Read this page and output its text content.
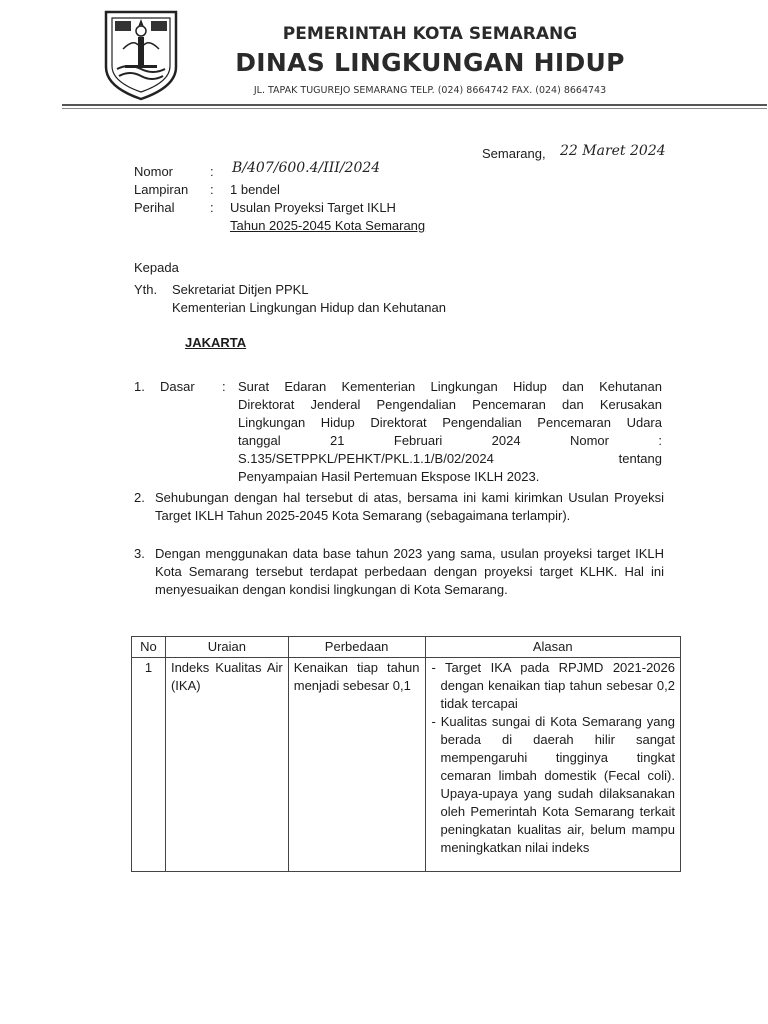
PEMERINTAH KOTA SEMARANG
DINAS LINGKUNGAN HIDUP
JL. TAPAK TUGUREJO SEMARANG TELP. (024) 8664742 FAX. (024) 8664743
Semarang, 22 Maret 2024
Nomor	:	B/407/600.4/III/2024
Lampiran	:	1 bendel
Perihal	:	Usulan Proyeksi Target IKLH
Tahun 2025-2045 Kota Semarang
Kepada
Yth. Sekretariat Ditjen PPKL
Kementerian Lingkungan Hidup dan Kehutanan
JAKARTA
1. Dasar : Surat Edaran Kementerian Lingkungan Hidup dan Kehutanan
Direktorat Jenderal Pengendalian Pencemaran dan Kerusakan
Lingkungan Hidup Direktorat Pengendalian Pencemaran Udara
tanggal 21 Februari 2024 Nomor :
S.135/SETPPKL/PEHKT/PKL.1.1/B/02/2024 tentang
Penyampaian Hasil Pertemuan Ekspose IKLH 2023.
2. Sehubungan dengan hal tersebut di atas, bersama ini kami kirimkan Usulan Proyeksi Target IKLH Tahun 2025-2045 Kota Semarang (sebagaimana terlampir).
3. Dengan menggunakan data base tahun 2023 yang sama, usulan proyeksi target IKLH Kota Semarang tersebut terdapat perbedaan dengan proyeksi target KLHK. Hal ini menyesuaikan dengan kondisi lingkungan di Kota Semarang.
No	Uraian	Perbedaan	Alasan
1	Indeks Kualitas Air (IKA)	Kenaikan tiap tahun menjadi sebesar 0,1	- Target IKA pada RPJMD 2021-2026 dengan kenaikan tiap tahun sebesar 0,2 tidak tercapai
- Kualitas sungai di Kota Semarang yang berada di daerah hilir sangat mempengaruhi tingginya tingkat cemaran limbah domestik (Fecal coli). Upaya-upaya yang sudah dilaksanakan oleh Pemerintah Kota Semarang terkait peningkatan kualitas air, belum mampu meningkatkan nilai indeks
